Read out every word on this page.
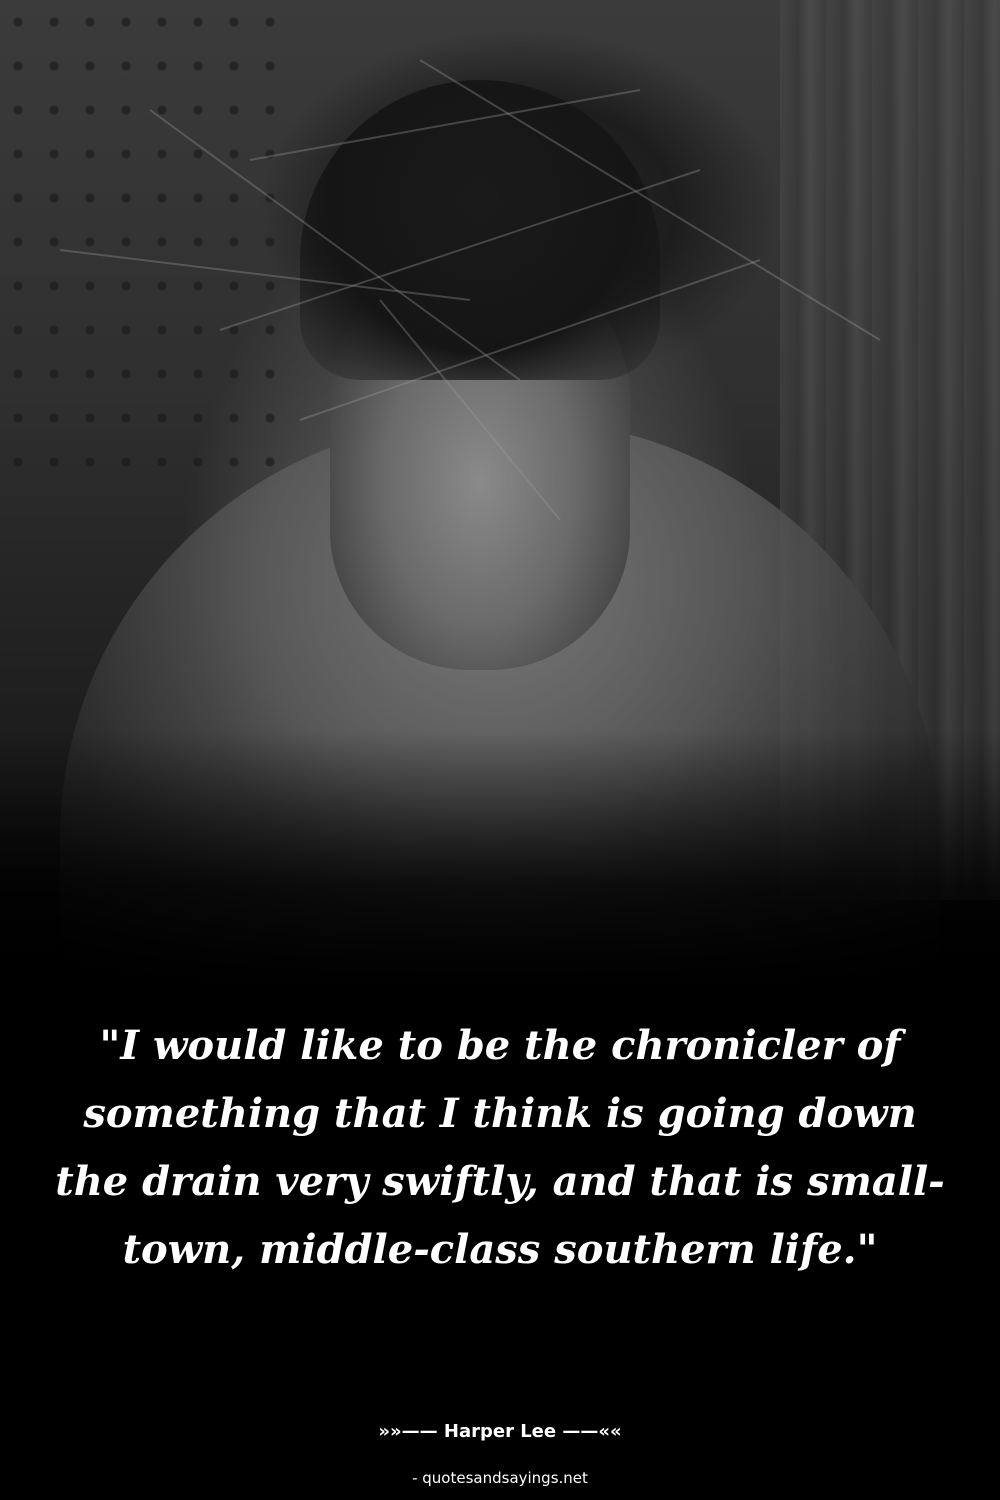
"I would like to be the chronicler of something that I think is going down the drain very swiftly, and that is small-town, middle-class southern life."

»»—— Harper Lee ——««
- quotesandsayings.net
